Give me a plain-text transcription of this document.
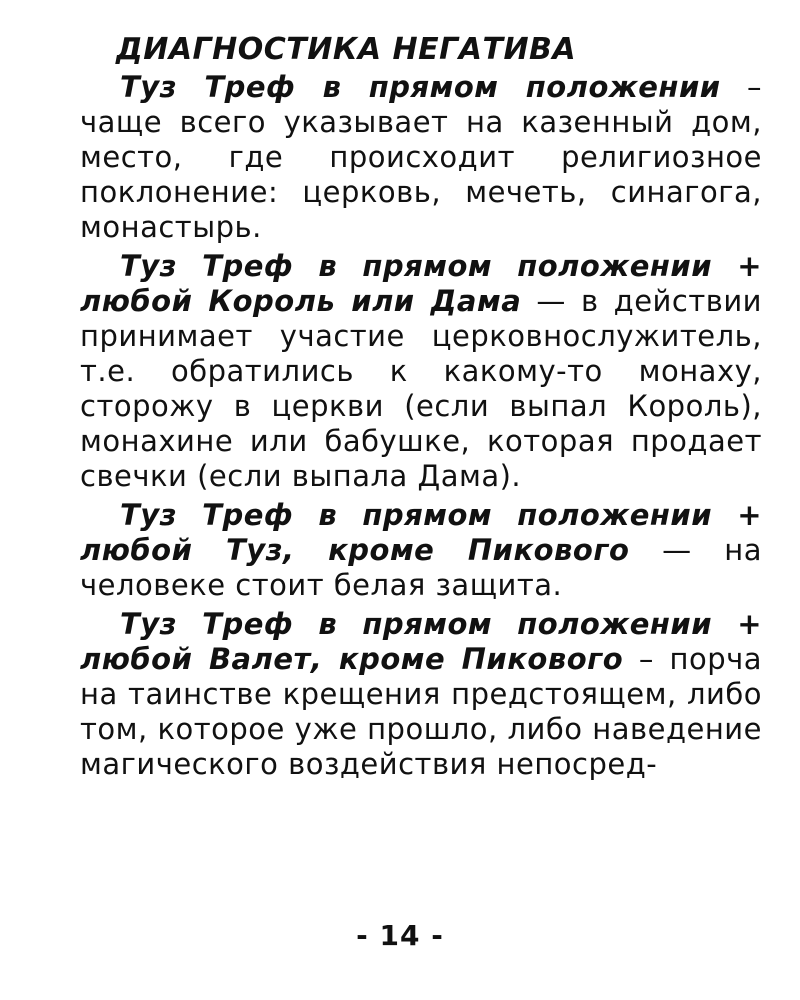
ДИАГНОСТИКА НЕГАТИВА

Туз Треф в прямом положении – чаще всего указывает на казенный дом, место, где происходит религиозное поклонение: церковь, мечеть, синагога, монастырь.

Туз Треф в прямом положении + любой Король или Дама — в действии принимает участие церковнослужитель, т.е. обратились к какому-то монаху, сторожу в церкви (если выпал Король), монахине или бабушке, которая продает свечки (если выпала Дама).

Туз Треф в прямом положении + любой Туз, кроме Пикового — на человеке стоит белая защита.

Туз Треф в прямом положении + любой Валет, кроме Пикового – порча на таинстве крещения предстоящем, либо том, которое уже прошло, либо наведение магического воздействия непосред-

- 14 -
